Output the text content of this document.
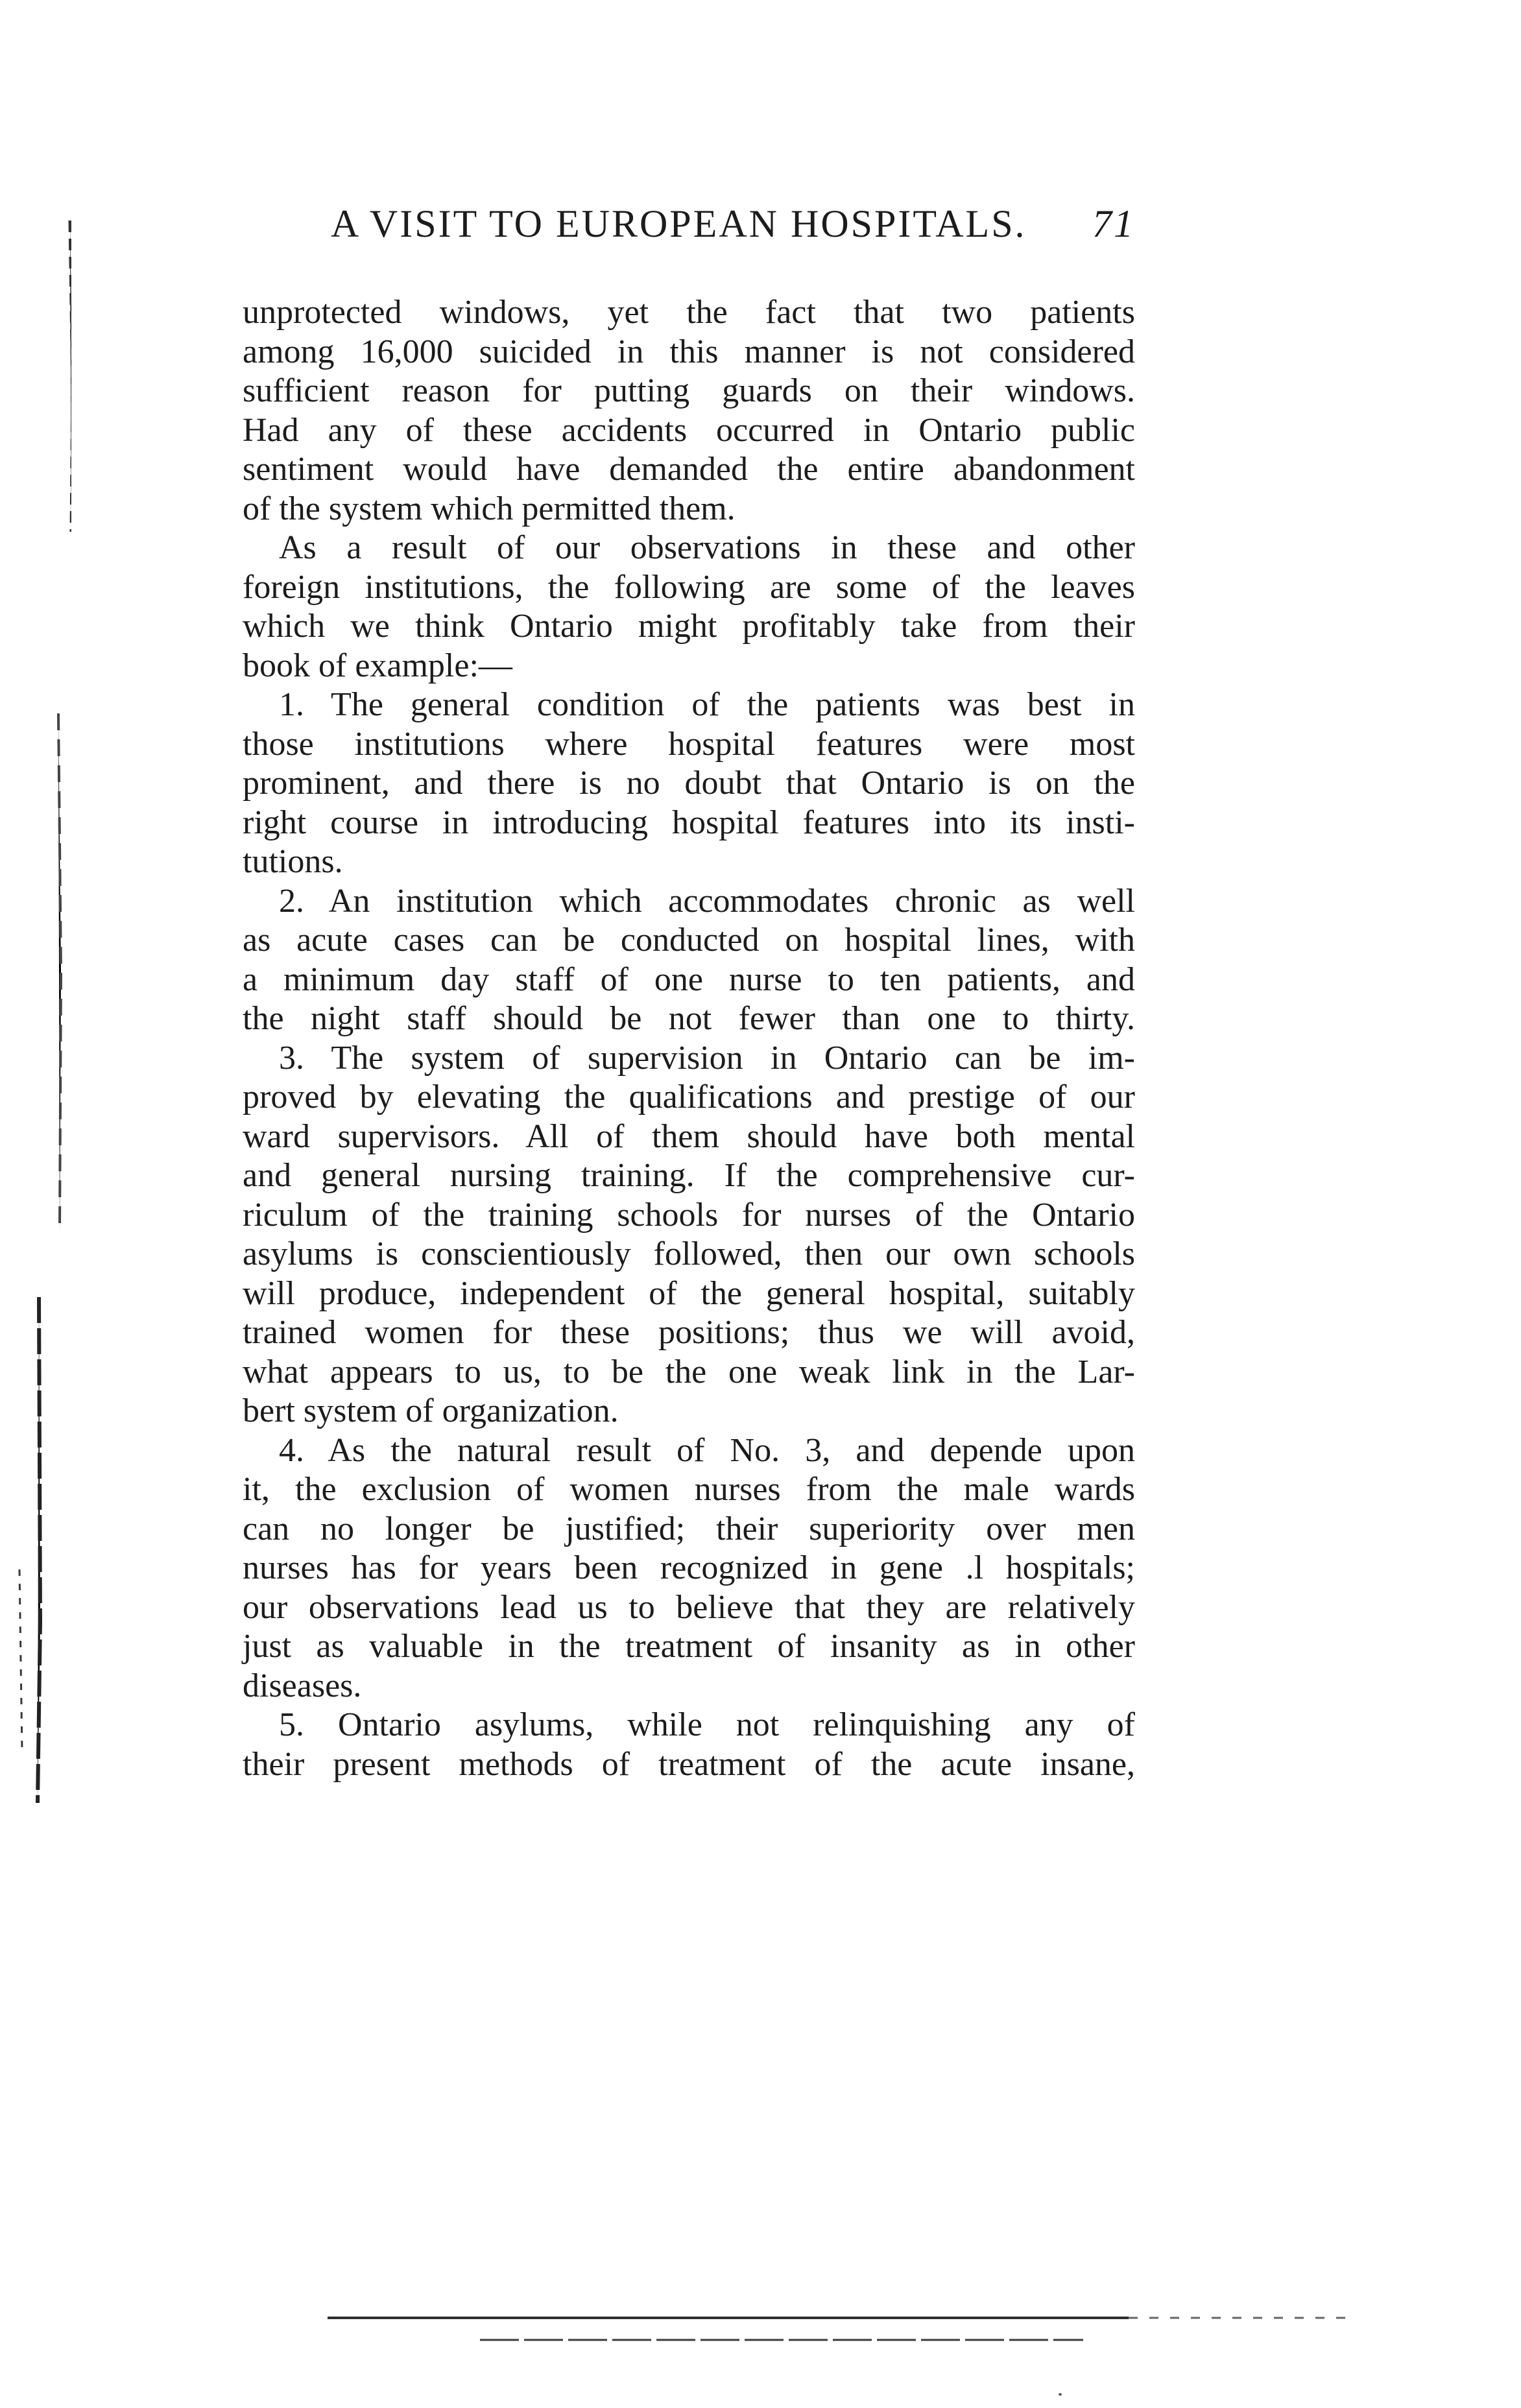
A VISIT TO EUROPEAN HOSPITALS. 71
unprotected windows, yet the fact that two patients
among 16,000 suicided in this manner is not considered
sufficient reason for putting guards on their windows.
Had any of these accidents occurred in Ontario public
sentiment would have demanded the entire abandonment
of the system which permitted them.
As a result of our observations in these and other
foreign institutions, the following are some of the leaves
which we think Ontario might profitably take from their
book of example:—
1. The general condition of the patients was best in
those institutions where hospital features were most
prominent, and there is no doubt that Ontario is on the
right course in introducing hospital features into its insti-
tutions.
2. An institution which accommodates chronic as well
as acute cases can be conducted on hospital lines, with
a minimum day staff of one nurse to ten patients, and
the night staff should be not fewer than one to thirty.
3. The system of supervision in Ontario can be im-
proved by elevating the qualifications and prestige of our
ward supervisors. All of them should have both mental
and general nursing training. If the comprehensive cur-
riculum of the training schools for nurses of the Ontario
asylums is conscientiously followed, then our own schools
will produce, independent of the general hospital, suitably
trained women for these positions; thus we will avoid,
what appears to us, to be the one weak link in the Lar-
bert system of organization.
4. As the natural result of No. 3, and depende upon
it, the exclusion of women nurses from the male wards
can no longer be justified; their superiority over men
nurses has for years been recognized in gene .l hospitals;
our observations lead us to believe that they are relatively
just as valuable in the treatment of insanity as in other
diseases.
5. Ontario asylums, while not relinquishing any of
their present methods of treatment of the acute insane,
